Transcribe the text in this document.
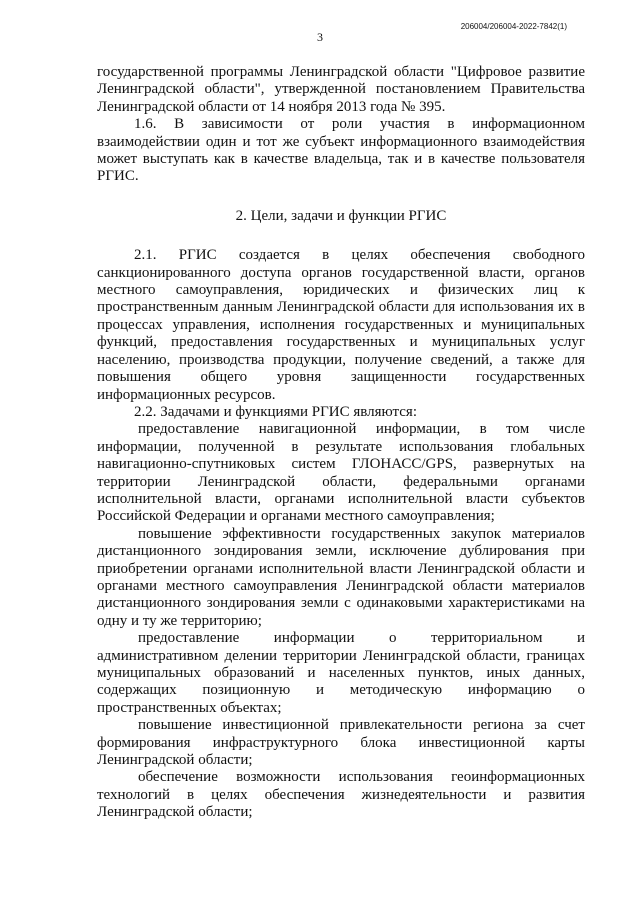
3
206004/206004-2022-7842(1)

государственной программы Ленинградской области "Цифровое развитие Ленинградской области", утвержденной постановлением Правительства Ленинградской области от 14 ноября 2013 года № 395.

1.6. В зависимости от роли участия в информационном взаимодействии один и тот же субъект информационного взаимодействия может выступать как в качестве владельца, так и в качестве пользователя РГИС.

2. Цели, задачи и функции РГИС

2.1. РГИС создается в целях обеспечения свободного санкционированного доступа органов государственной власти, органов местного самоуправления, юридических и физических лиц к пространственным данным Ленинградской области для использования их в процессах управления, исполнения государственных и муниципальных функций, предоставления государственных и муниципальных услуг населению, производства продукции, получение сведений, а также для повышения общего уровня защищенности государственных информационных ресурсов.

2.2. Задачами и функциями РГИС являются:

предоставление навигационной информации, в том числе информации, полученной в результате использования глобальных навигационно-спутниковых систем ГЛОНАСС/GPS, развернутых на территории Ленинградской области, федеральными органами исполнительной власти, органами исполнительной власти субъектов Российской Федерации и органами местного самоуправления;

повышение эффективности государственных закупок материалов дистанционного зондирования земли, исключение дублирования при приобретении органами исполнительной власти Ленинградской области и органами местного самоуправления Ленинградской области материалов дистанционного зондирования земли с одинаковыми характеристиками на одну и ту же территорию;

предоставление информации о территориальном и административном делении территории Ленинградской области, границах муниципальных образований и населенных пунктов, иных данных, содержащих позиционную и методическую информацию о пространственных объектах;

повышение инвестиционной привлекательности региона за счет формирования инфраструктурного блока инвестиционной карты Ленинградской области;

обеспечение возможности использования геоинформационных технологий в целях обеспечения жизнедеятельности и развития Ленинградской области;
